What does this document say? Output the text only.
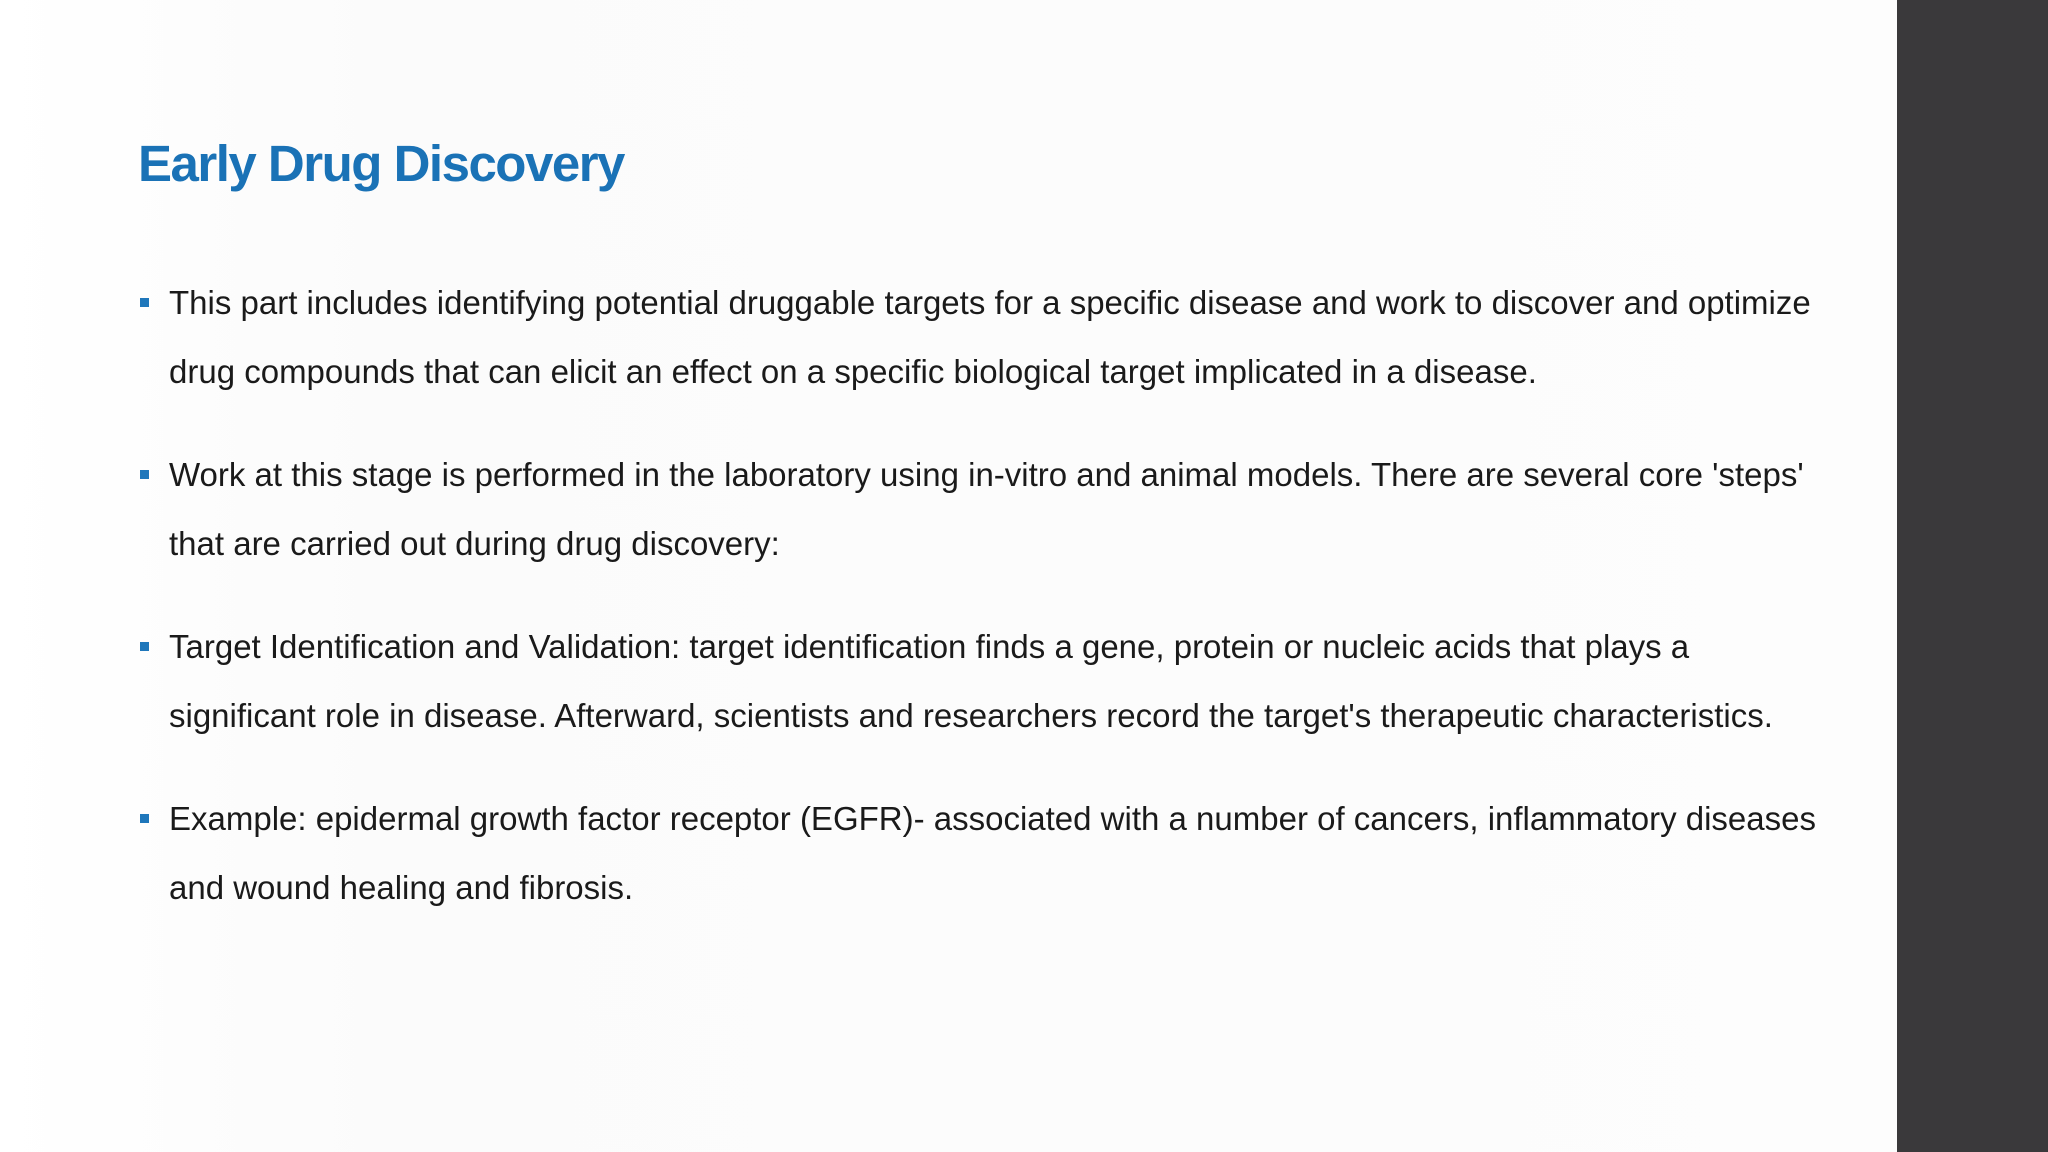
Early Drug Discovery
This part includes identifying potential druggable targets for a specific disease and work to discover and optimize drug compounds that can elicit an effect on a specific biological target implicated in a disease.
Work at this stage is performed in the laboratory using in-vitro and animal models. There are several core 'steps' that are carried out during drug discovery:
Target Identification and Validation: target identification finds a gene, protein or nucleic acids that plays a significant role in disease. Afterward, scientists and researchers record the target's therapeutic characteristics.
Example: epidermal growth factor receptor (EGFR)- associated with a number of cancers, inflammatory diseases and wound healing and fibrosis.
